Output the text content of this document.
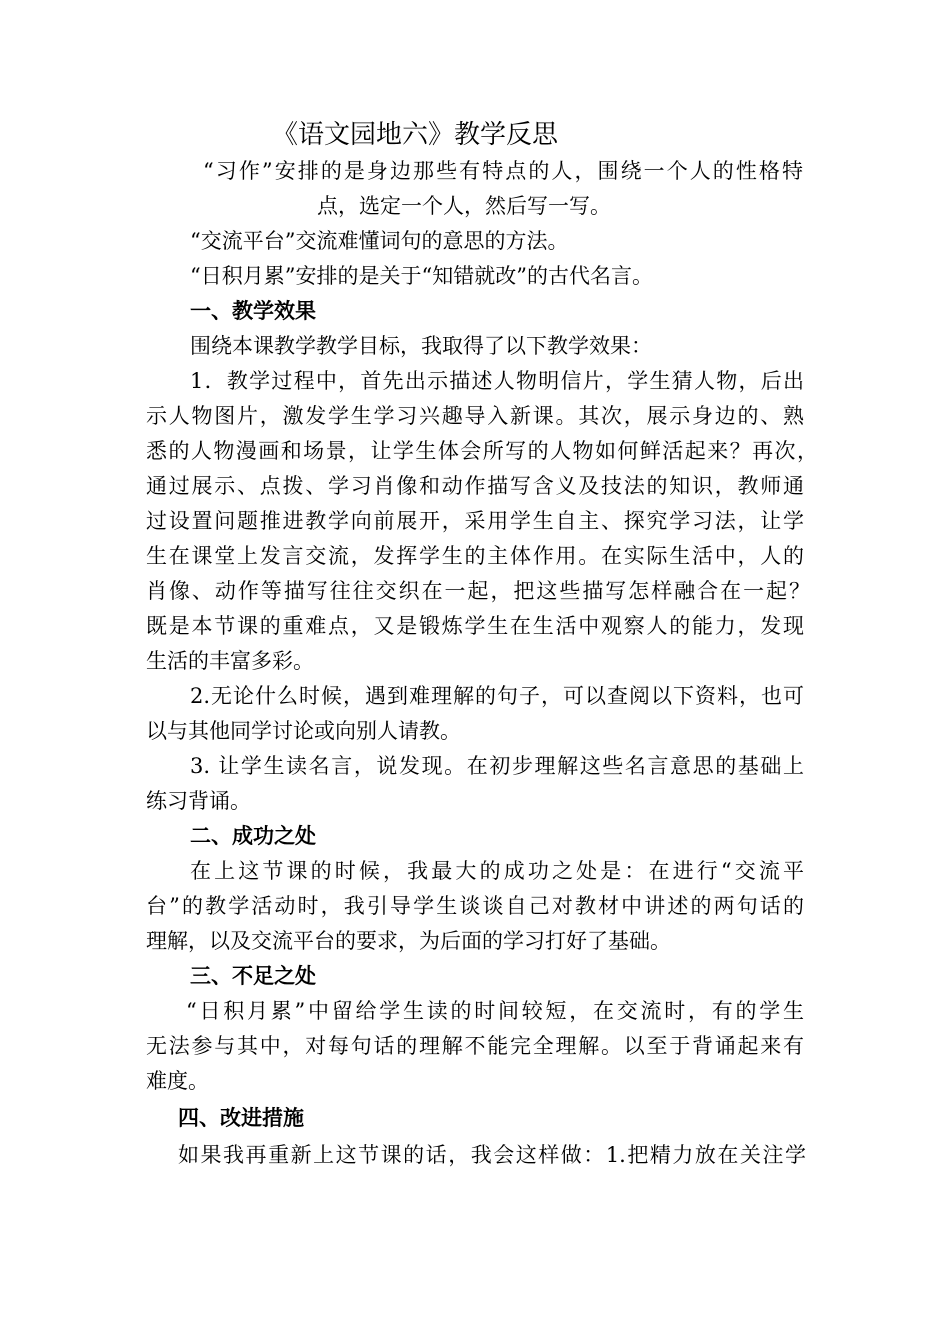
《语文园地六》教学反思
“习作”安排的是身边那些有特点的人，围绕一个人的性格特
点，选定一个人，然后写一写。
“交流平台”交流难懂词句的意思的方法。
“日积月累”安排的是关于“知错就改”的古代名言。
一、教学效果
围绕本课教学教学目标，我取得了以下教学效果：
1．教学过程中，首先出示描述人物明信片，学生猜人物，后出
示人物图片，激发学生学习兴趣导入新课。其次，展示身边的、熟
悉的人物漫画和场景，让学生体会所写的人物如何鲜活起来？再次，
通过展示、点拨、学习肖像和动作描写含义及技法的知识，教师通
过设置问题推进教学向前展开，采用学生自主、探究学习法，让学
生在课堂上发言交流，发挥学生的主体作用。在实际生活中，人的
肖像、动作等描写往往交织在一起，把这些描写怎样融合在一起？
既是本节课的重难点，又是锻炼学生在生活中观察人的能力，发现
生活的丰富多彩。
2.无论什么时候，遇到难理解的句子，可以查阅以下资料，也可
以与其他同学讨论或向别人请教。
3. 让学生读名言，说发现。在初步理解这些名言意思的基础上
练习背诵。
二、成功之处
在上这节课的时候，我最大的成功之处是：在进行“交流平
台”的教学活动时，我引导学生谈谈自己对教材中讲述的两句话的
理解，以及交流平台的要求，为后面的学习打好了基础。
三、不足之处
“日积月累”中留给学生读的时间较短，在交流时，有的学生
无法参与其中，对每句话的理解不能完全理解。以至于背诵起来有
难度。
四、改进措施
如果我再重新上这节课的话，我会这样做：1.把精力放在关注学
